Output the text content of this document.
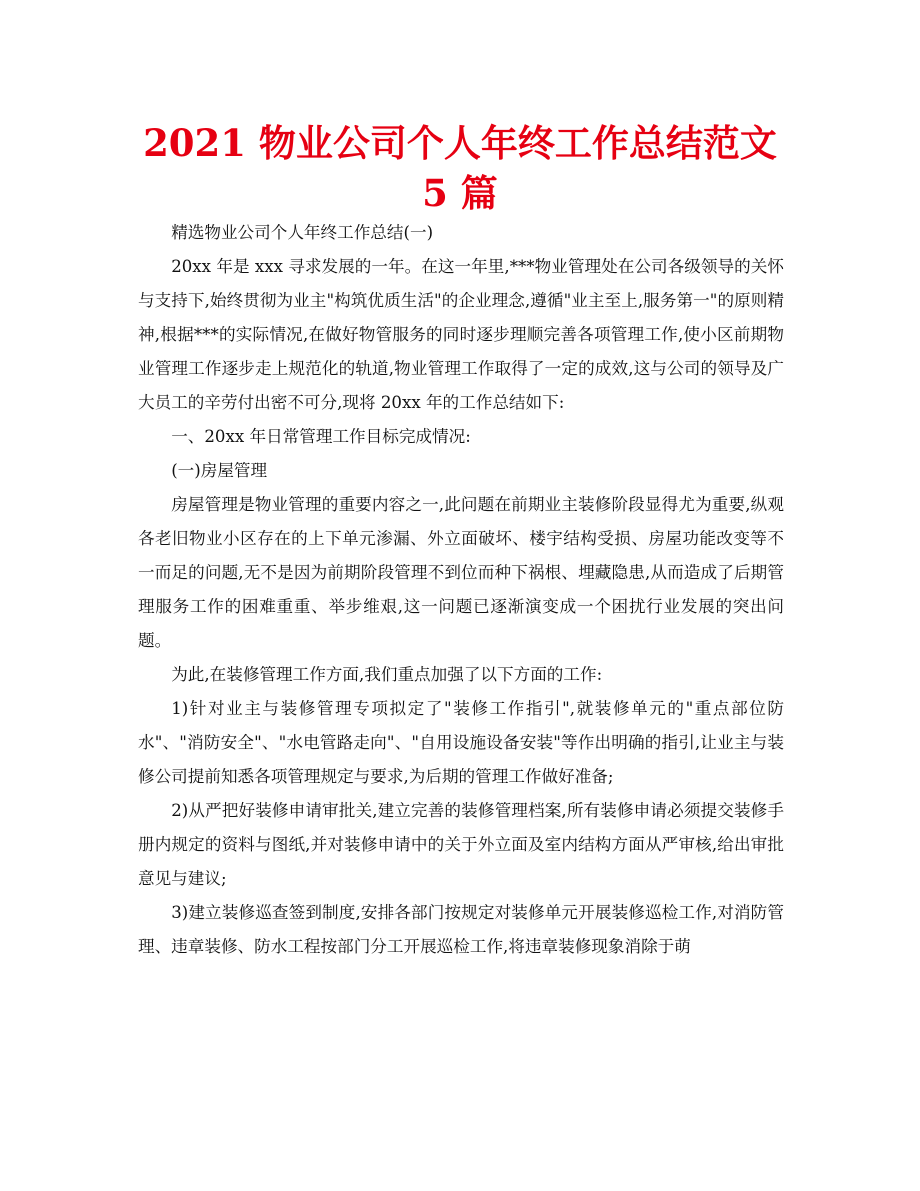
2021 物业公司个人年终工作总结范文 5 篇

精选物业公司个人年终工作总结(一)

20xx 年是 xxx 寻求发展的一年。在这一年里,***物业管理处在公司各级领导的关怀与支持下,始终贯彻为业主"构筑优质生活"的企业理念,遵循"业主至上,服务第一"的原则精神,根据***的实际情况,在做好物管服务的同时逐步理顺完善各项管理工作,使小区前期物业管理工作逐步走上规范化的轨道,物业管理工作取得了一定的成效,这与公司的领导及广大员工的辛劳付出密不可分,现将 20xx 年的工作总结如下:

一、20xx 年日常管理工作目标完成情况:

(一)房屋管理

房屋管理是物业管理的重要内容之一,此问题在前期业主装修阶段显得尤为重要,纵观各老旧物业小区存在的上下单元渗漏、外立面破坏、楼宇结构受损、房屋功能改变等不一而足的问题,无不是因为前期阶段管理不到位而种下祸根、埋藏隐患,从而造成了后期管理服务工作的困难重重、举步维艰,这一问题已逐渐演变成一个困扰行业发展的突出问题。

为此,在装修管理工作方面,我们重点加强了以下方面的工作:

1)针对业主与装修管理专项拟定了"装修工作指引",就装修单元的"重点部位防水"、"消防安全"、"水电管路走向"、"自用设施设备安装"等作出明确的指引,让业主与装修公司提前知悉各项管理规定与要求,为后期的管理工作做好准备;

2)从严把好装修申请审批关,建立完善的装修管理档案,所有装修申请必须提交装修手册内规定的资料与图纸,并对装修申请中的关于外立面及室内结构方面从严审核,给出审批意见与建议;

3)建立装修巡查签到制度,安排各部门按规定对装修单元开展装修巡检工作,对消防管理、违章装修、防水工程按部门分工开展巡检工作,将违章装修现象消除于萌
